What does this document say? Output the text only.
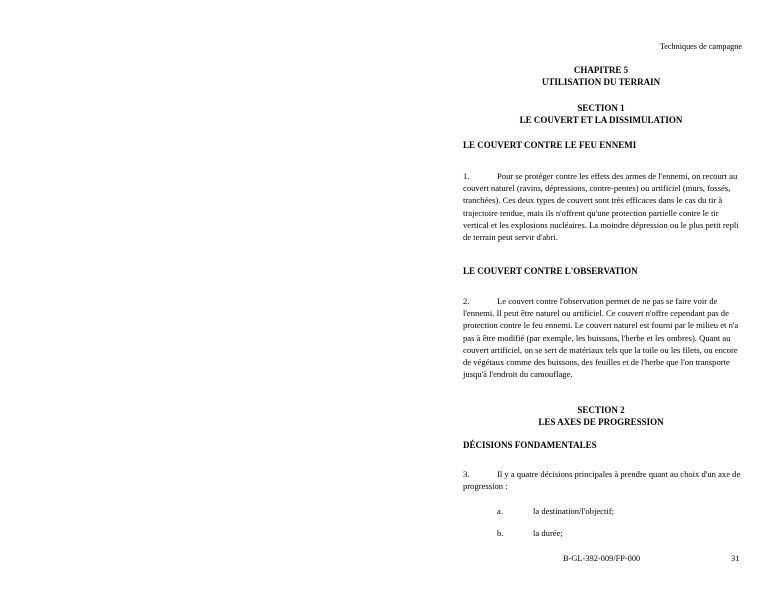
Techniques de campagne
CHAPITRE 5
UTILISATION DU TERRAIN
SECTION 1
LE COUVERT ET LA DISSIMULATION
LE COUVERT CONTRE LE FEU ENNEMI
1.	Pour se protéger contre les effets des armes de l'ennemi, on recourt au couvert naturel (ravins, dépressions, contre-pentes) ou artificiel (murs, fossés, tranchées). Ces deux types de couvert sont très efficaces dans le cas du tir à trajectoire tendue, mais ils n'offrent qu'une protection partielle contre le tir vertical et les explosions nucléaires. La moindre dépression ou le plus petit repli de terrain peut servir d'abri.
LE COUVERT CONTRE L'OBSERVATION
2.	Le couvert contre l'observation permet de ne pas se faire voir de l'ennemi. Il peut être naturel ou artificiel. Ce couvert n'offre cependant pas de protection contre le feu ennemi. Le couvert naturel est fourni par le milieu et n'a pas à être modifié (par exemple, les buissons, l'herbe et les ombres). Quant au couvert artificiel, on se sert de matériaux tels que la toile ou les filets, ou encore de végétaux comme des buissons, des feuilles et de l'herbe que l'on transporte jusqu'à l'endroit du camouflage.
SECTION 2
LES AXES DE PROGRESSION
DÉCISIONS FONDAMENTALES
3.	Il y a quatre décisions principales à prendre quant au choix d'un axe de progression :
a.	la destination/l'objectif;
b.	la durée;
B-GL-392-009/FP-000	31
